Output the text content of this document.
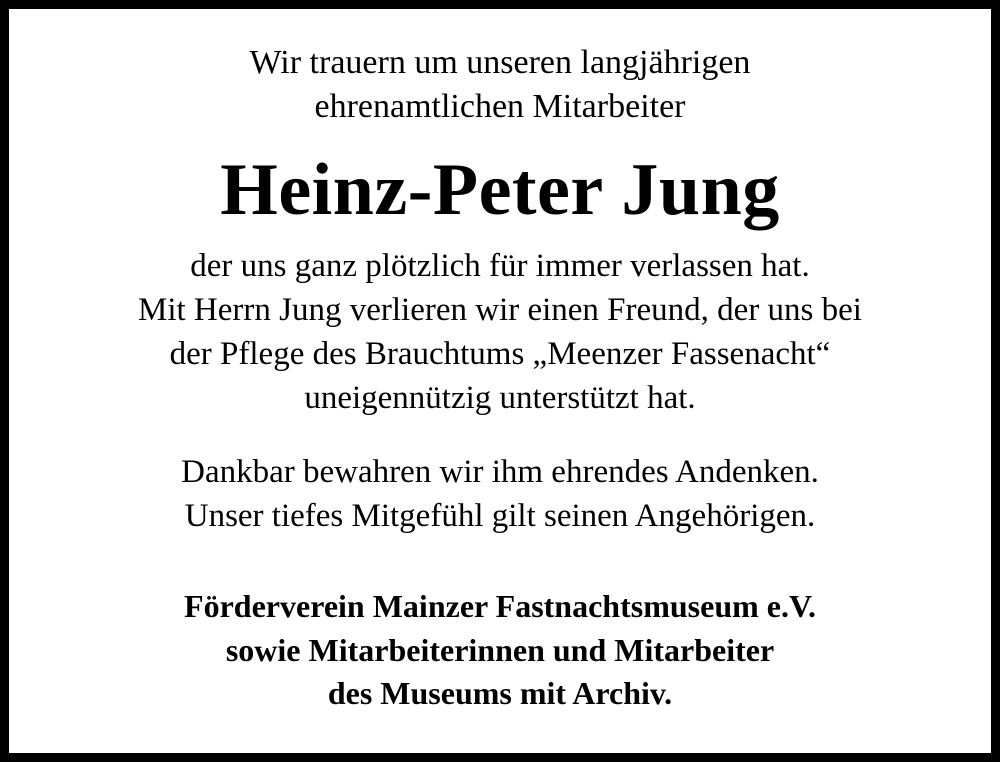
Wir trauern um unseren langjährigen
ehrenamtlichen Mitarbeiter
Heinz-Peter Jung
der uns ganz plötzlich für immer verlassen hat.
Mit Herrn Jung verlieren wir einen Freund, der uns bei
der Pflege des Brauchtums „Meenzer Fassenacht“
uneigennützig unterstützt hat.
Dankbar bewahren wir ihm ehrendes Andenken.
Unser tiefes Mitgefühl gilt seinen Angehörigen.
Förderverein Mainzer Fastnachtsmuseum e.V.
sowie Mitarbeiterinnen und Mitarbeiter
des Museums mit Archiv.
